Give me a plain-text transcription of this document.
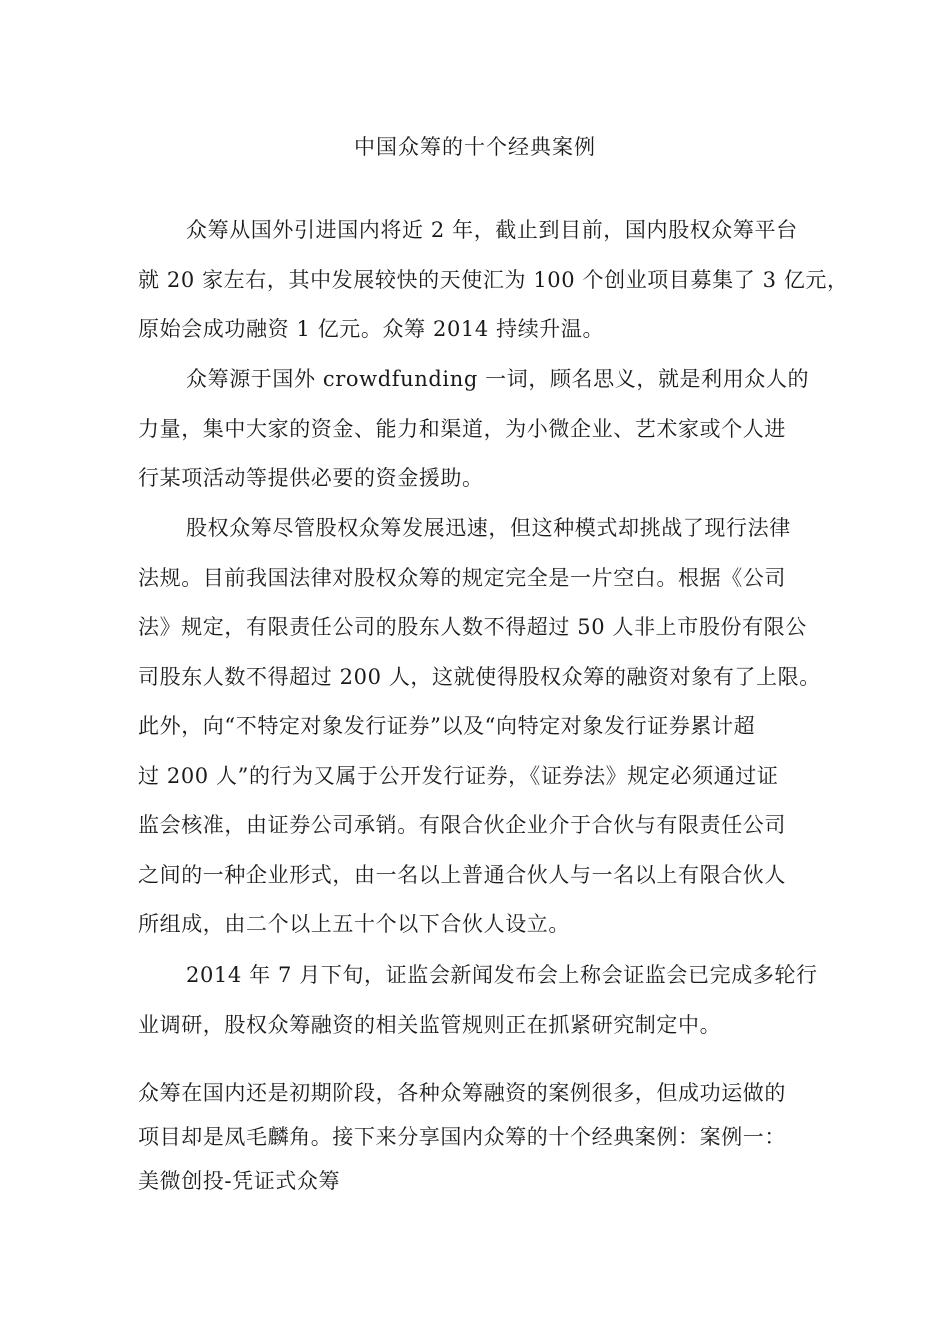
中国众筹的十个经典案例
众筹从国外引进国内将近 2 年，截止到目前，国内股权众筹平台
就 20 家左右，其中发展较快的天使汇为 100 个创业项目募集了 3 亿元，
原始会成功融资 1 亿元。众筹 2014 持续升温。
众筹源于国外 crowdfunding 一词，顾名思义，就是利用众人的
力量，集中大家的资金、能力和渠道，为小微企业、艺术家或个人进
行某项活动等提供必要的资金援助。
股权众筹尽管股权众筹发展迅速，但这种模式却挑战了现行法律
法规。目前我国法律对股权众筹的规定完全是一片空白。根据《公司
法》规定，有限责任公司的股东人数不得超过 50 人非上市股份有限公
司股东人数不得超过 200 人，这就使得股权众筹的融资对象有了上限。
此外，向“不特定对象发行证券”以及“向特定对象发行证券累计超
过 200 人”的行为又属于公开发行证券，《证券法》规定必须通过证
监会核准，由证券公司承销。有限合伙企业介于合伙与有限责任公司
之间的一种企业形式，由一名以上普通合伙人与一名以上有限合伙人
所组成，由二个以上五十个以下合伙人设立。
2014 年 7 月下旬，证监会新闻发布会上称会证监会已完成多轮行
业调研，股权众筹融资的相关监管规则正在抓紧研究制定中。
众筹在国内还是初期阶段，各种众筹融资的案例很多，但成功运做的
项目却是凤毛麟角。接下来分享国内众筹的十个经典案例：案例一：
美微创投-凭证式众筹
